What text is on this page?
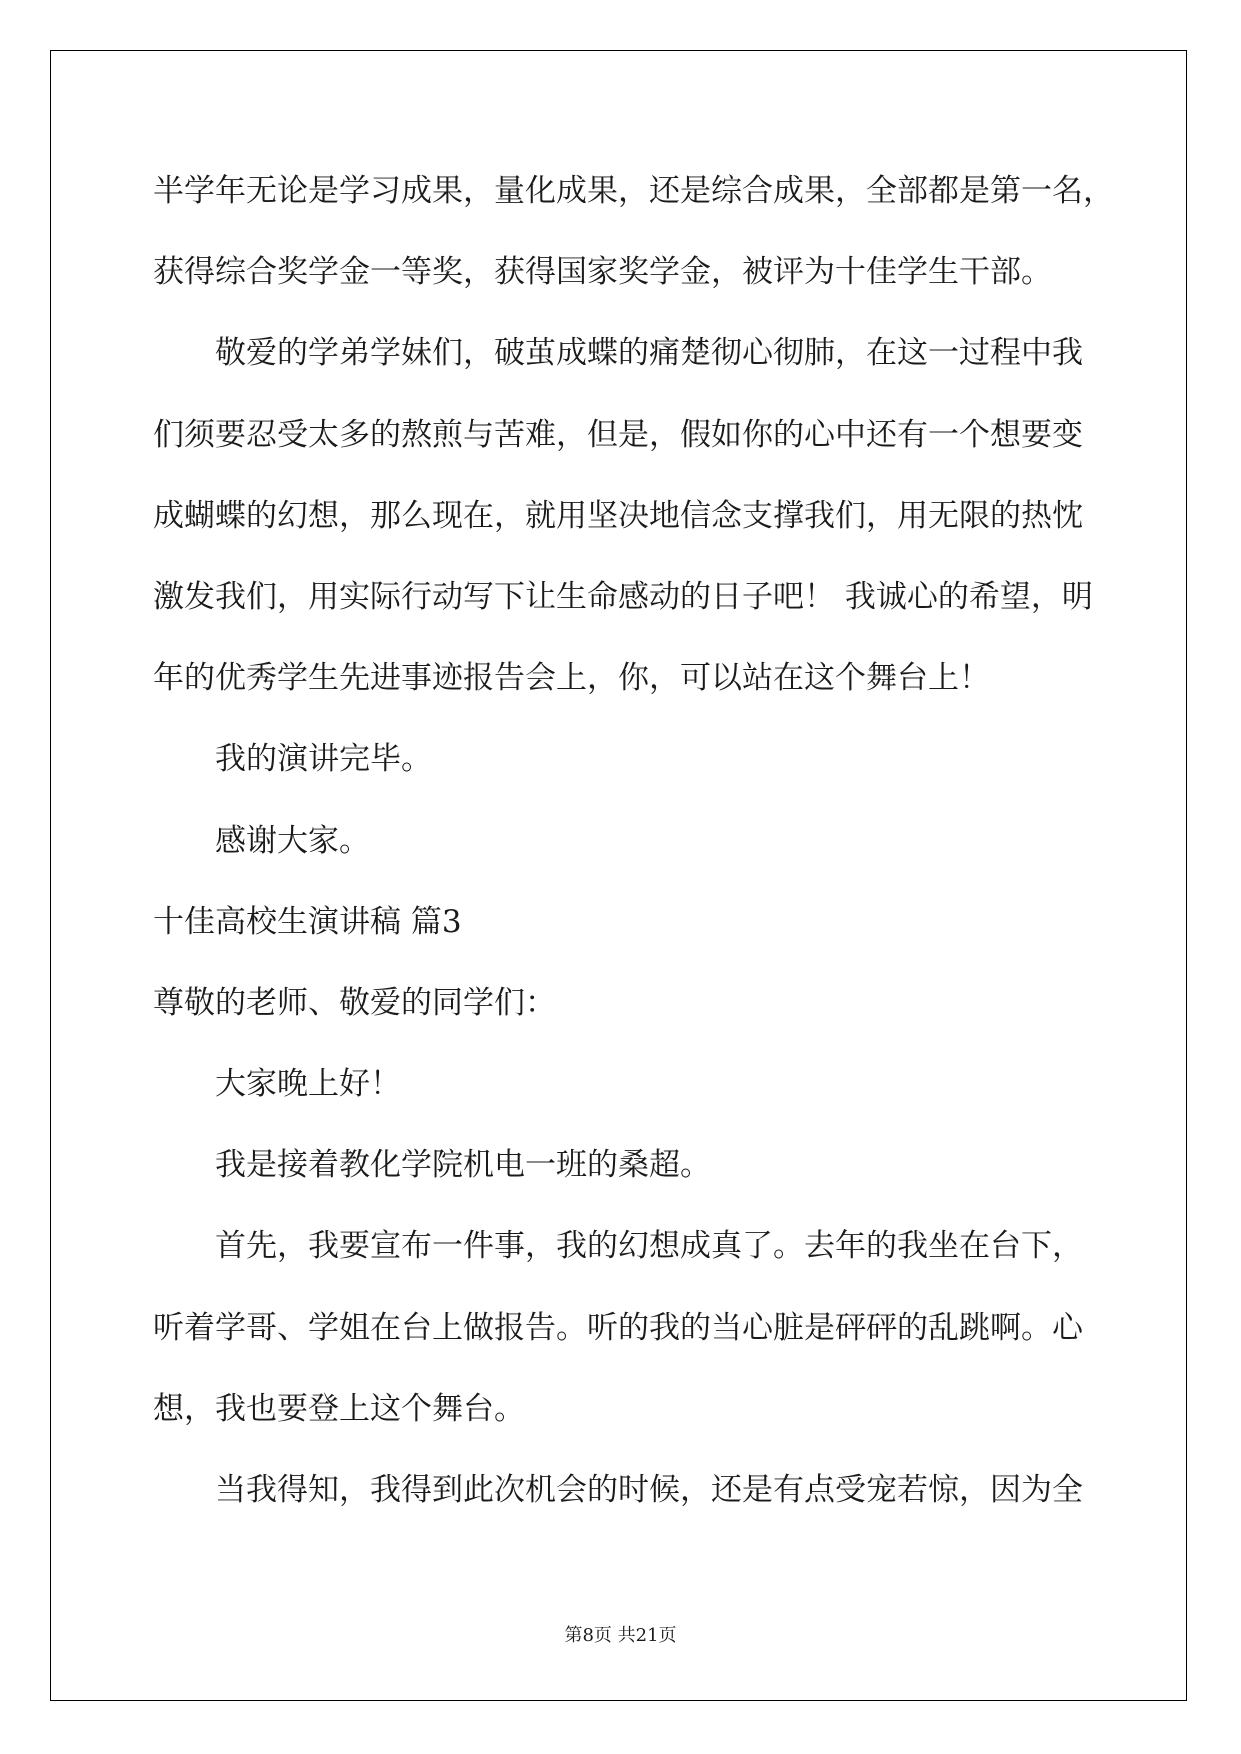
半学年无论是学习成果，量化成果，还是综合成果，全部都是第一名，
获得综合奖学金一等奖，获得国家奖学金，被评为十佳学生干部。
敬爱的学弟学妹们，破茧成蝶的痛楚彻心彻肺，在这一过程中我
们须要忍受太多的熬煎与苦难，但是，假如你的心中还有一个想要变
成蝴蝶的幻想，那么现在，就用坚决地信念支撑我们，用无限的热忱
激发我们，用实际行动写下让生命感动的日子吧！ 我诚心的希望，明
年的优秀学生先进事迹报告会上，你，可以站在这个舞台上！
我的演讲完毕。
感谢大家。
十佳高校生演讲稿 篇3
尊敬的老师、敬爱的同学们：
大家晚上好！
我是接着教化学院机电一班的桑超。
首先，我要宣布一件事，我的幻想成真了。去年的我坐在台下，
听着学哥、学姐在台上做报告。听的我的当心脏是砰砰的乱跳啊。心
想，我也要登上这个舞台。
当我得知，我得到此次机会的时候，还是有点受宠若惊，因为全
第8页 共21页
